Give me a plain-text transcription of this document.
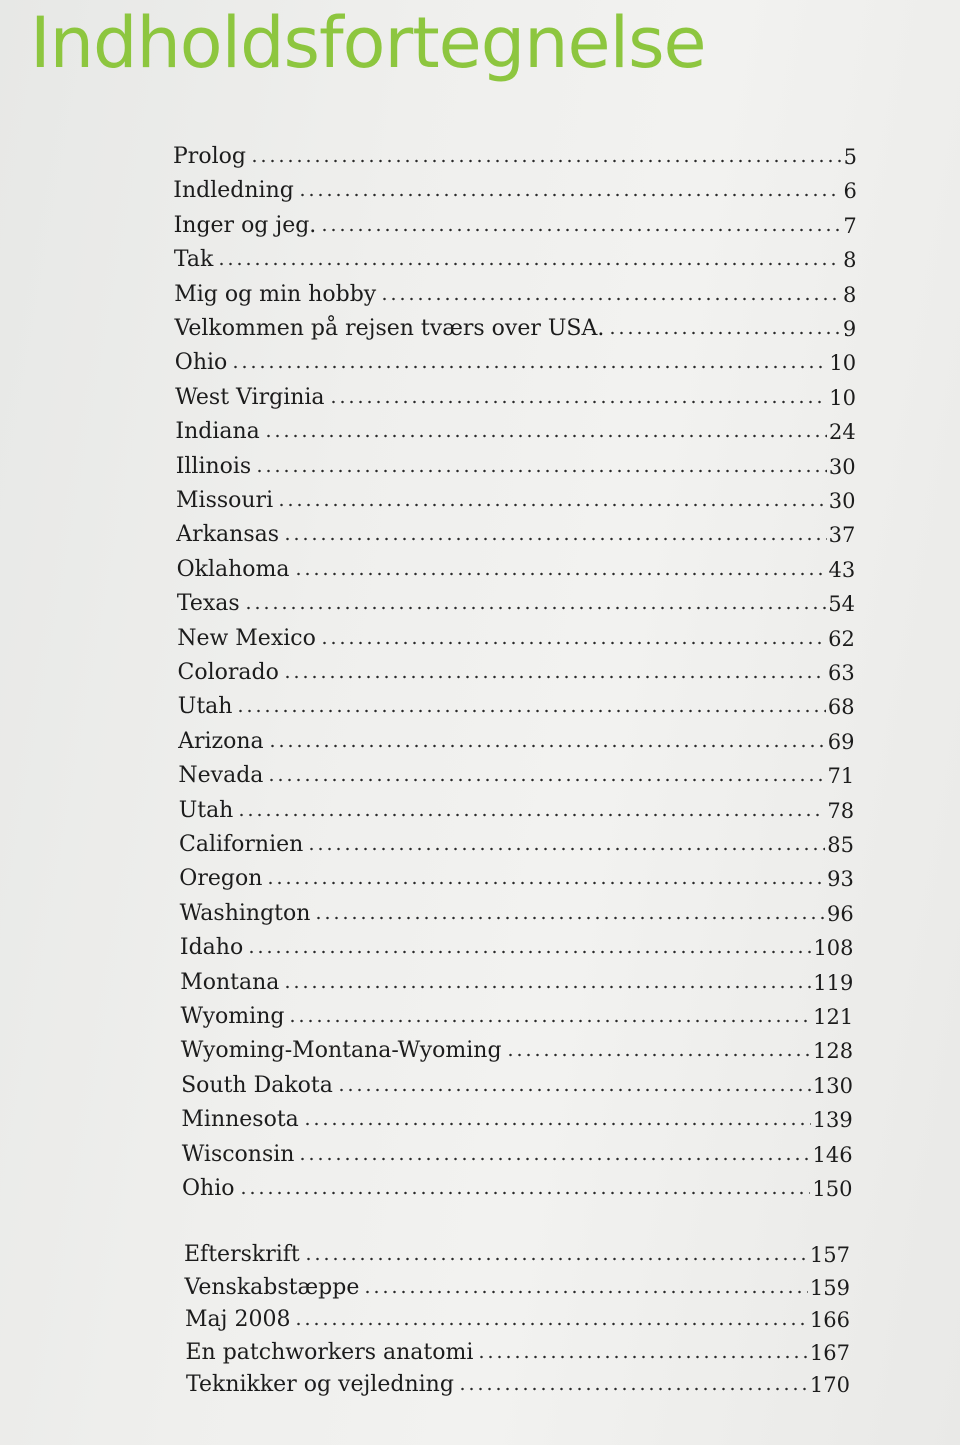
Indholdsfortegnelse
Prolog	5
Indledning	6
Inger og jeg.	7
Tak	8
Mig og min hobby	8
Velkommen på rejsen tværs over USA.	9
Ohio	10
West Virginia	10
Indiana	24
Illinois	30
Missouri	30
Arkansas	37
Oklahoma	43
Texas	54
New Mexico	62
Colorado	63
Utah	68
Arizona	69
Nevada	71
Utah	78
Californien	85
Oregon	93
Washington	96
Idaho	108
Montana	119
Wyoming	121
Wyoming-Montana-Wyoming	128
South Dakota	130
Minnesota	139
Wisconsin	146
Ohio	150
Efterskrift	157
Venskabstæppe	159
Maj 2008	166
En patchworkers anatomi	167
Teknikker og vejledning	170
